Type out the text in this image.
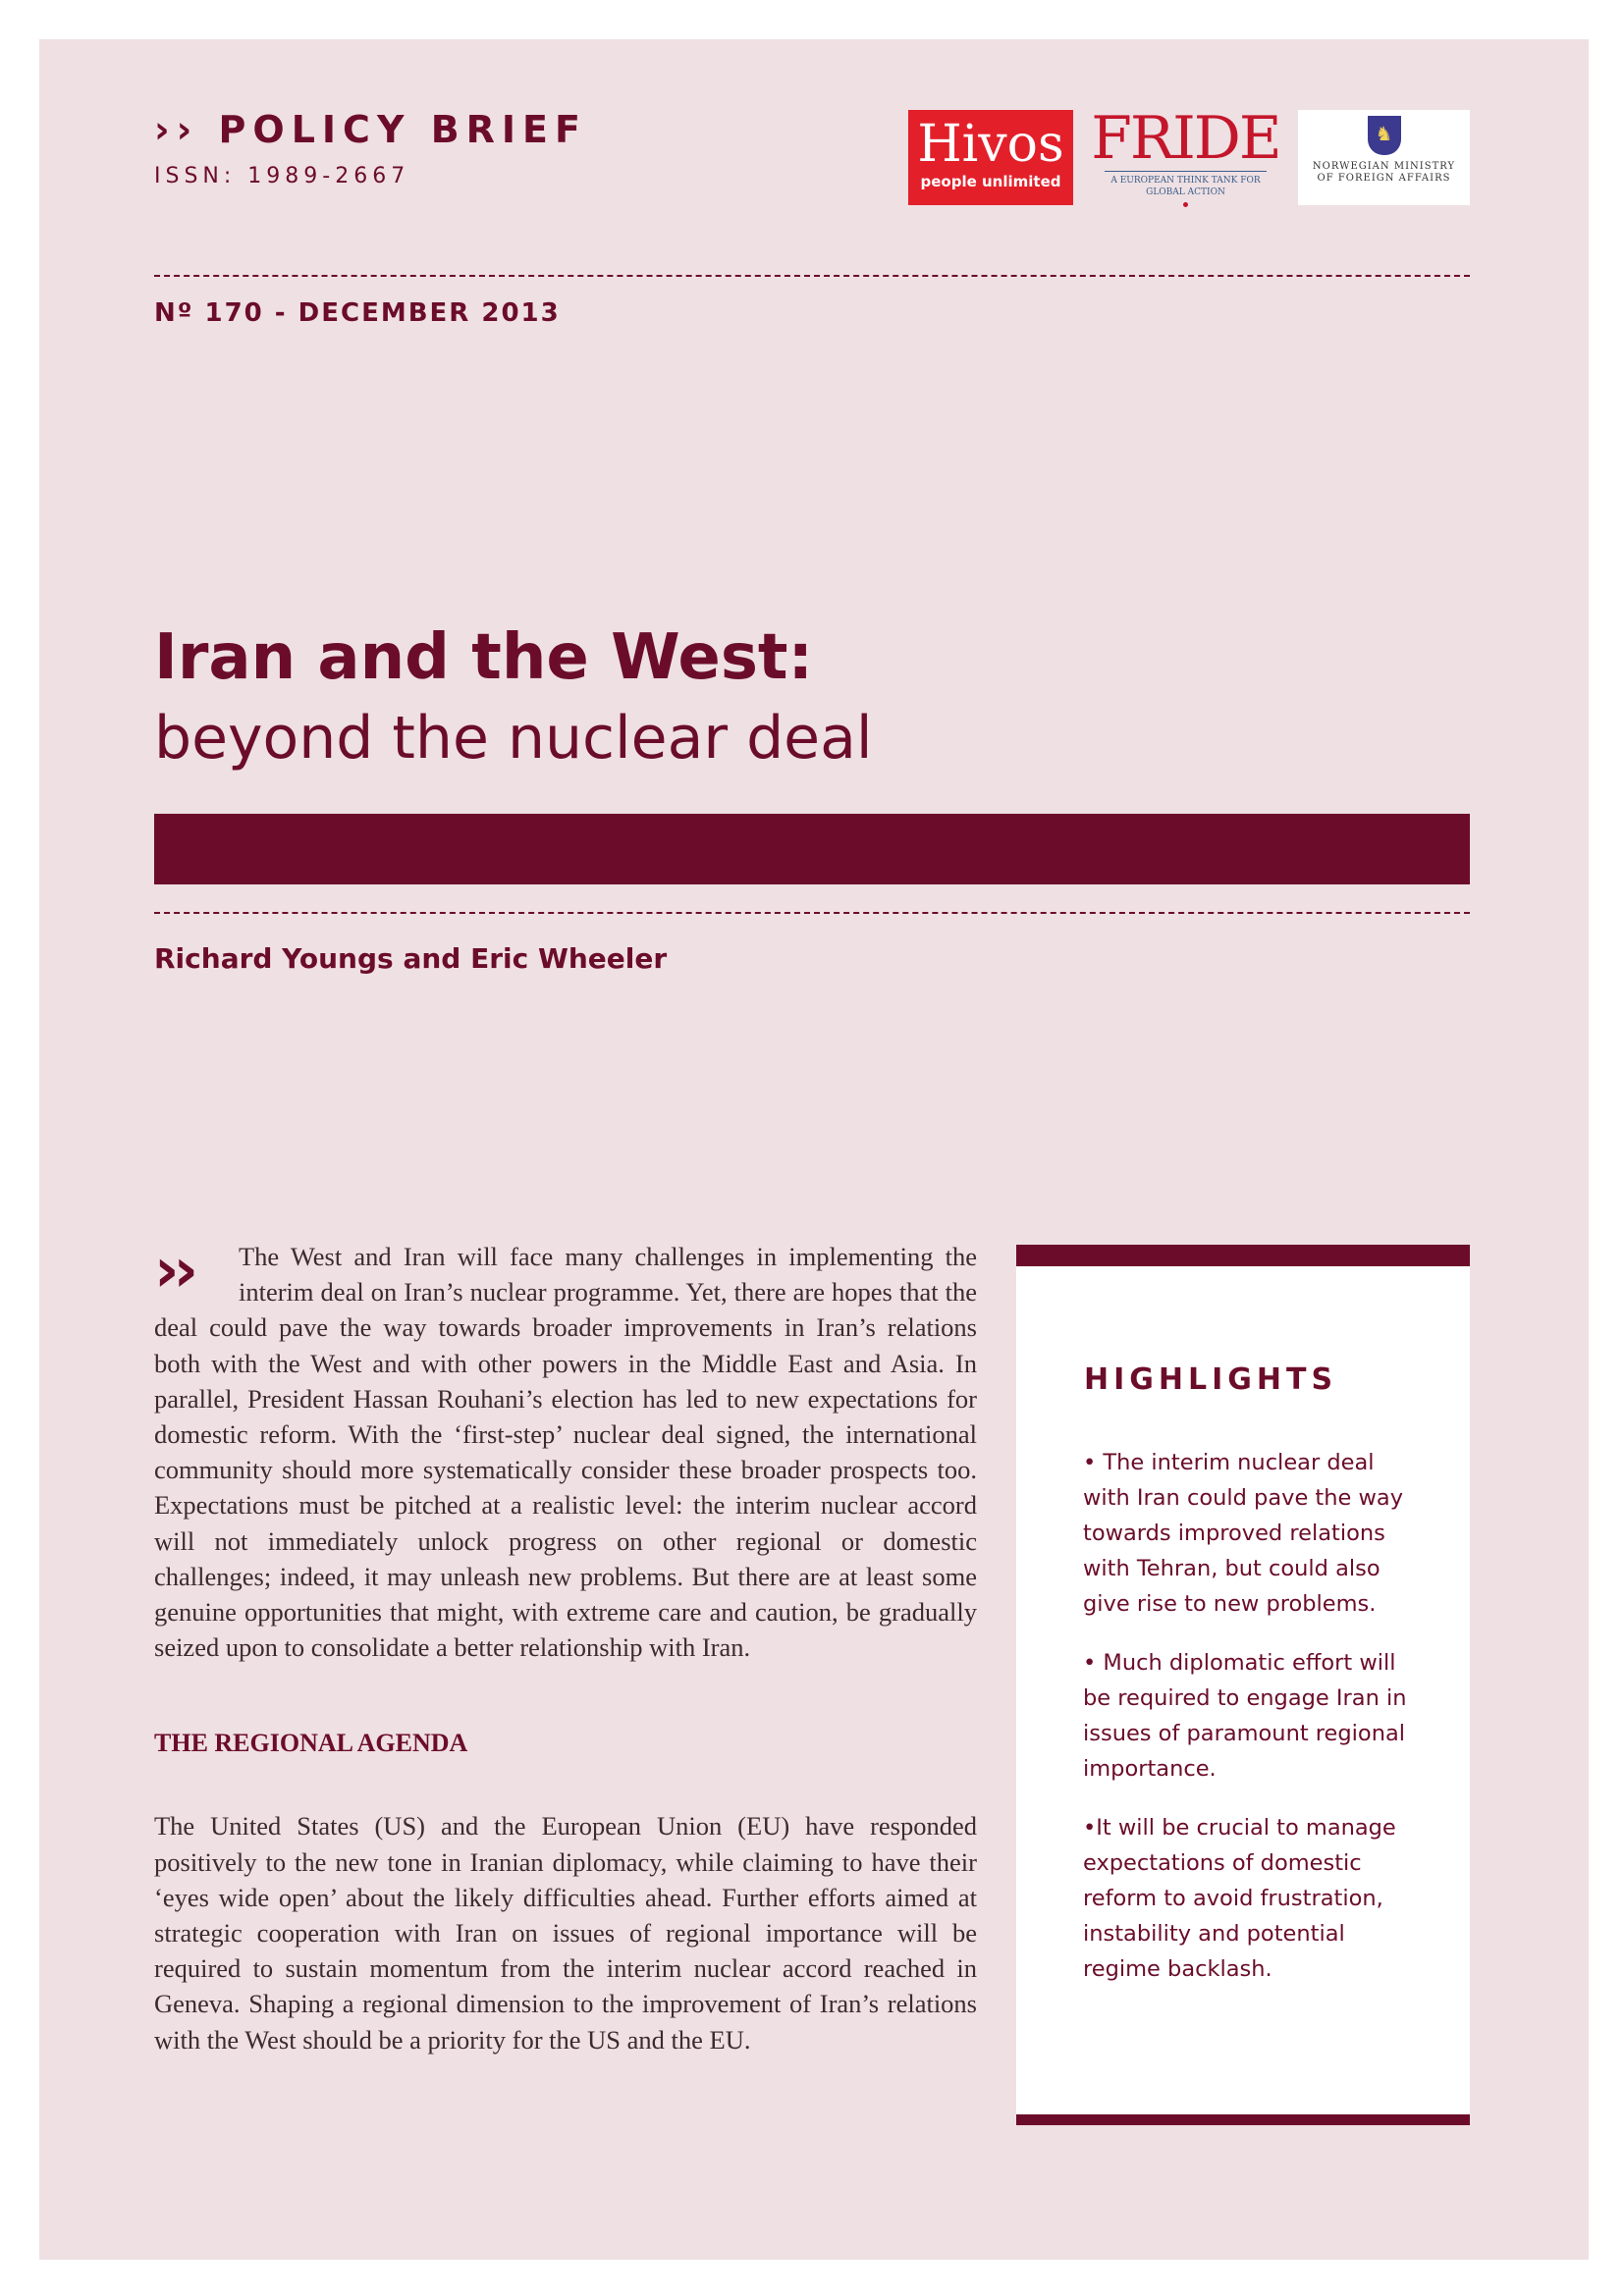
›› POLICY BRIEF
ISSN: 1989-2667
Hivos
people unlimited
FRIDE
A EUROPEAN THINK TANK FOR GLOBAL ACTION
♞
NORWEGIAN MINISTRY
OF FOREIGN AFFAIRS
Nº 170 - DECEMBER 2013
Iran and the West:
beyond the nuclear deal
Richard Youngs and Eric Wheeler

››	The West and Iran will face many challenges in implementing the interim deal on Iran’s nuclear programme. Yet, there are hopes that the deal could pave the way towards broader improvements in Iran’s relations both with the West and with other powers in the Middle East and Asia. In parallel, President Hassan Rouhani’s election has led to new expectations for domestic reform. With the ‘first-step’ nuclear deal signed, the international community should more systematically consider these broader prospects too. Expectations must be pitched at a realistic level: the interim nuclear accord will not immediately unlock progress on other regional or domestic challenges; indeed, it may unleash new problems. But there are at least some genuine opportunities that might, with extreme care and caution, be gradually seized upon to consolidate a better relationship with Iran.

THE REGIONAL AGENDA

The United States (US) and the European Union (EU) have responded positively to the new tone in Iranian diplomacy, while claiming to have their ‘eyes wide open’ about the likely difficulties ahead. Further efforts aimed at strategic cooperation with Iran on issues of regional importance will be required to sustain momentum from the interim nuclear accord reached in Geneva. Shaping a regional dimension to the improvement of Iran’s relations with the West should be a priority for the US and the EU.

HIGHLIGHTS
• The interim nuclear deal with Iran could pave the way towards improved relations with Tehran, but could also give rise to new problems.
• Much diplomatic effort will be required to engage Iran in issues of paramount regional importance.
•It will be crucial to manage expectations of domestic reform to avoid frustration, instability and potential regime backlash.
